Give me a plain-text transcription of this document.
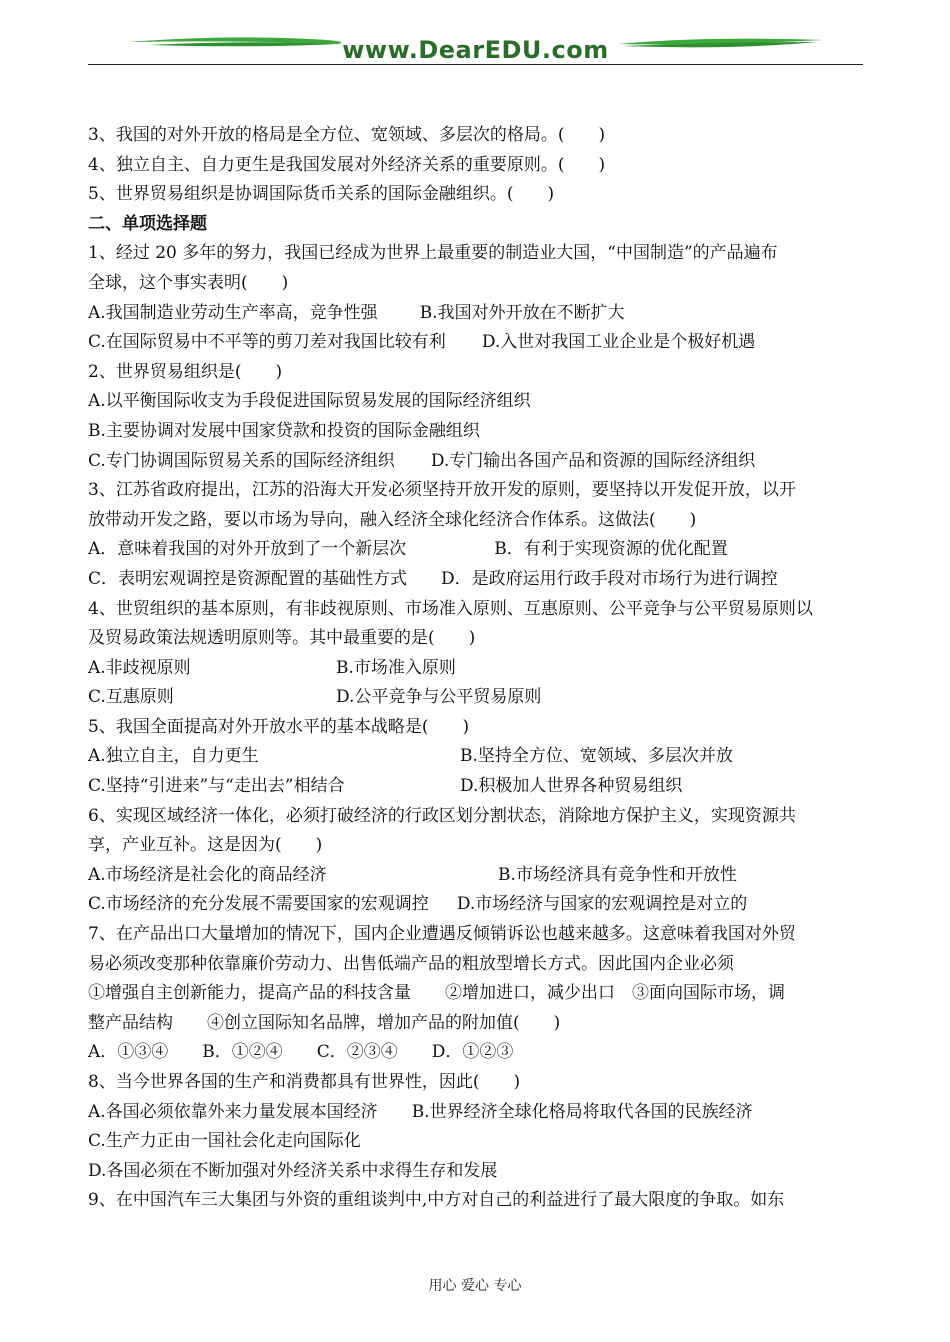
www.DearEDU.com
3、我国的对外开放的格局是全方位、宽领域、多层次的格局。(　　)
4、独立自主、自力更生是我国发展对外经济关系的重要原则。(　　)
5、世界贸易组织是协调国际货币关系的国际金融组织。(　　)
二、单项选择题
1、经过 20 多年的努力，我国已经成为世界上最重要的制造业大国，“中国制造”的产品遍布
全球，这个事实表明(　　)
A.我国制造业劳动生产率高，竞争性强 B.我国对外开放在不断扩大
C.在国际贸易中不平等的剪刀差对我国比较有利 D.入世对我国工业企业是个极好机遇
2、世界贸易组织是(　　)
A.以平衡国际收支为手段促进国际贸易发展的国际经济组织
B.主要协调对发展中国家贷款和投资的国际金融组织
C.专门协调国际贸易关系的国际经济组织 D.专门输出各国产品和资源的国际经济组织
3、江苏省政府提出，江苏的沿海大开发必须坚持开放开发的原则，要坚持以开发促开放，以开
放带动开发之路，要以市场为导向，融入经济全球化经济合作体系。这做法(　　)
A．意味着我国的对外开放到了一个新层次	B．有利于实现资源的优化配置
C．表明宏观调控是资源配置的基础性方式 D．是政府运用行政手段对市场行为进行调控
4、世贸组织的基本原则，有非歧视原则、市场准入原则、互惠原则、公平竞争与公平贸易原则以
及贸易政策法规透明原则等。其中最重要的是(　　)
A.非歧视原则	B.市场准入原则
C.互惠原则	D.公平竞争与公平贸易原则
5、我国全面提高对外开放水平的基本战略是(　　)
A.独立自主，自力更生	B.坚持全方位、宽领域、多层次并放
C.坚持“引进来”与“走出去”相结合	D.积极加人世界各种贸易组织
6、实现区域经济一体化，必须打破经济的行政区划分割状态，消除地方保护主义，实现资源共
享，产业互补。这是因为(　　)
A.市场经济是社会化的商品经济	B.市场经济具有竞争性和开放性
C.市场经济的充分发展不需要国家的宏观调控 D.市场经济与国家的宏观调控是对立的
7、在产品出口大量增加的情况下，国内企业遭遇反倾销诉讼也越来越多。这意味着我国对外贸
易必须改变那种依靠廉价劳动力、出售低端产品的粗放型增长方式。因此国内企业必须
①增强自主创新能力，提高产品的科技含量　　②增加进口，减少出口　③面向国际市场，调
整产品结构　　④创立国际知名品牌，增加产品的附加值(　　)
A．①③④　　B．①②④　　C．②③④　　D．①②③
8、当今世界各国的生产和消费都具有世界性，因此(　　)
A.各国必须依靠外来力量发展本国经济 B.世界经济全球化格局将取代各国的民族经济
C.生产力正由一国社会化走向国际化
D.各国必须在不断加强对外经济关系中求得生存和发展
9、在中国汽车三大集团与外资的重组谈判中,中方对自己的利益进行了最大限度的争取。如东
用心 爱心 专心
